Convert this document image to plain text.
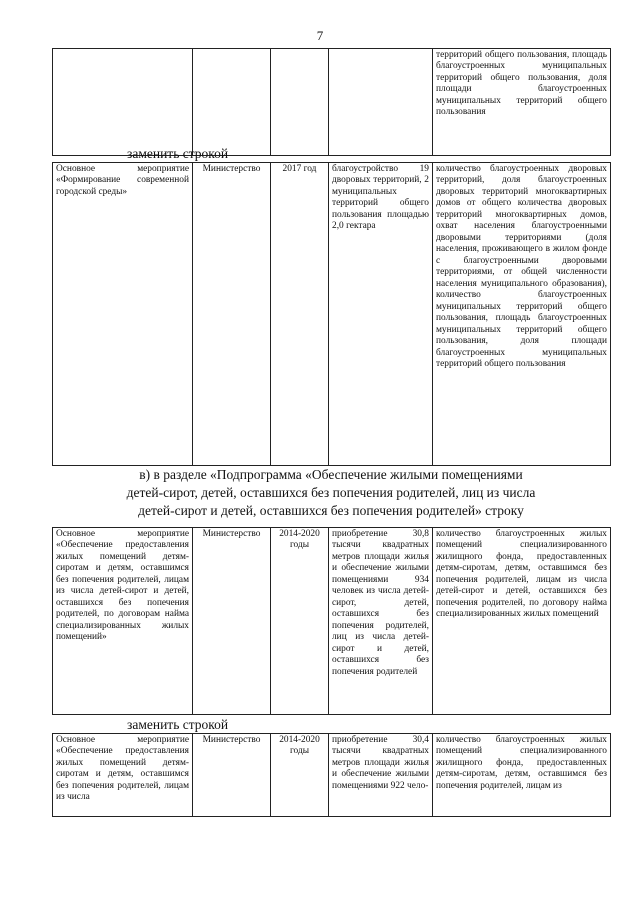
7
				территорий общего пользования, площадь благоустроенных муниципальных территорий общего пользования, доля площади благоустроенных муниципальных территорий общего пользования
заменить строкой
Основное мероприятие «Формирование современной городской среды»	Министерство	2017 год	благоустройство 19 дворовых территорий, 2 муниципальных территорий общего пользования площадью 2,0 гектара	количество благоустроенных дворовых территорий, доля благоустроенных дворовых территорий многоквартирных домов от общего количества дворовых территорий многоквартирных домов, охват населения благоустроенными дворовыми территориями (доля населения, проживающего в жилом фонде с благоустроенными дворовыми территориями, от общей численности населения муниципального образования), количество благоустроенных муниципальных территорий общего пользования, площадь благоустроенных муниципальных территорий общего пользования, доля площади благоустроенных муниципальных территорий общего пользования
в) в разделе «Подпрограмма «Обеспечение жилыми помещениями
детей-сирот, детей, оставшихся без попечения родителей, лиц из числа
детей-сирот и детей, оставшихся без попечения родителей» строку
Основное мероприятие «Обеспечение предоставления жилых помещений детям-сиротам и детям, оставшимся без попечения родителей, лицам из числа детей-сирот и детей, оставшихся без попечения родителей, по договорам найма специализированных жилых помещений»	Министерство	2014-2020 годы	приобретение 30,8 тысячи квадратных метров площади жилья и обеспечение жилыми помещениями 934 человек из числа детей-сирот, детей, оставшихся без попечения родителей, лиц из числа детей-сирот и детей, оставшихся без попечения родителей	количество благоустроенных жилых помещений специализированного жилищного фонда, предоставленных детям-сиротам, детям, оставшимся без попечения родителей, лицам из числа детей-сирот и детей, оставшихся без попечения родителей, по договору найма специализированных жилых помещений
заменить строкой
Основное мероприятие «Обеспечение предоставления жилых помещений детям-сиротам и детям, оставшимся без попечения родителей, лицам из числа	Министерство	2014-2020 годы	приобретение 30,4 тысячи квадратных метров площади жилья и обеспечение жилыми помещениями 922 чело-	количество благоустроенных жилых помещений специализированного жилищного фонда, предоставленных детям-сиротам, детям, оставшимся без попечения родителей, лицам из
